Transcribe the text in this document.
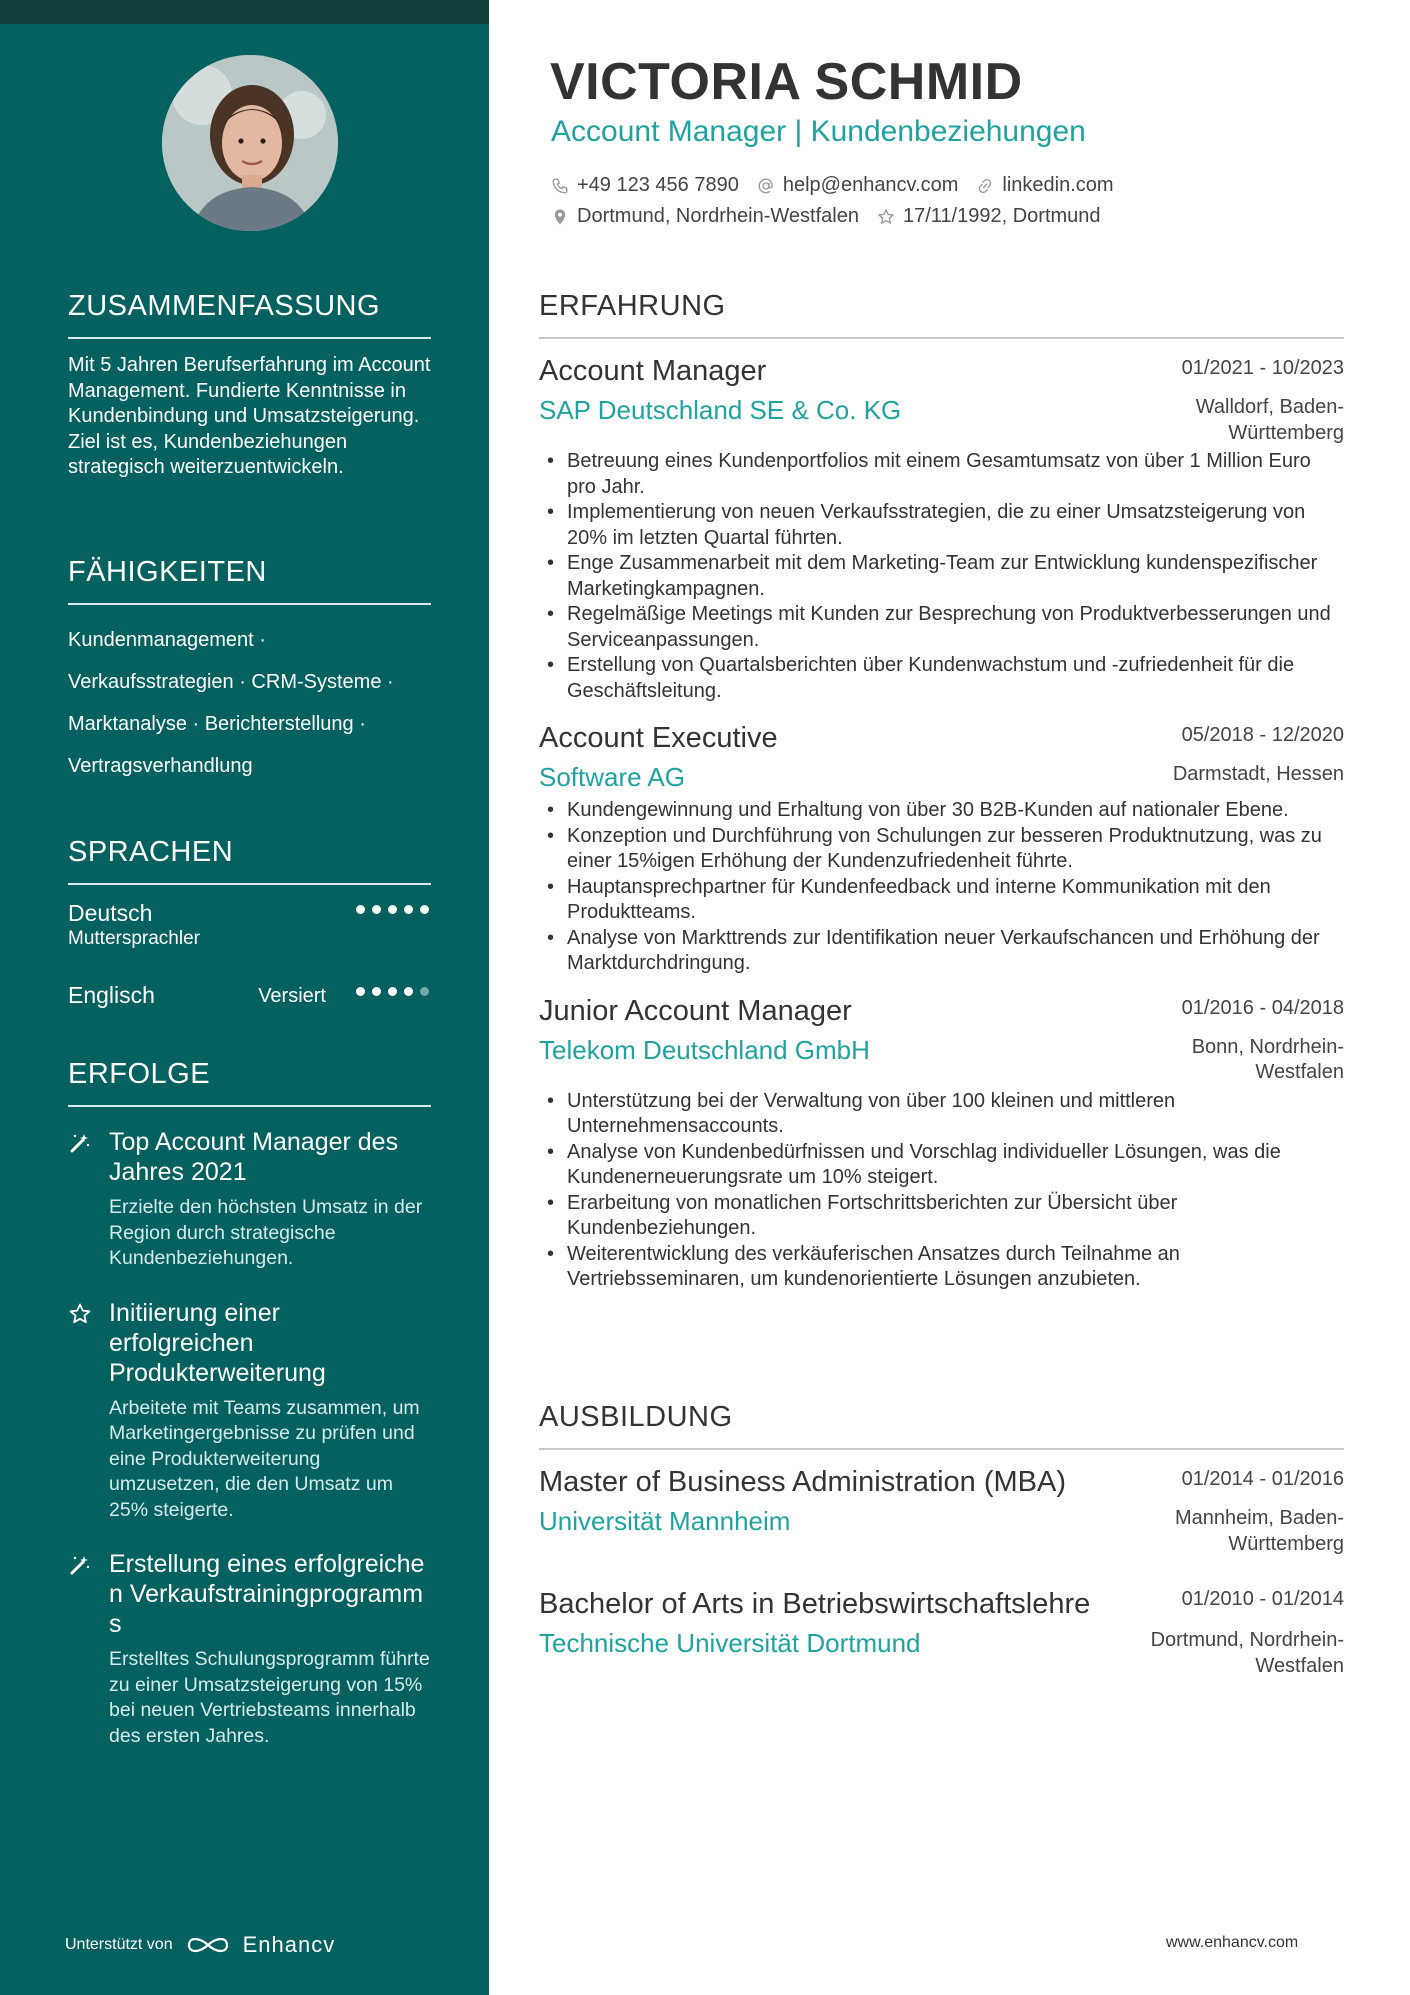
ZUSAMMENFASSUNG
Mit 5 Jahren Berufserfahrung im Account Management. Fundierte Kenntnisse in Kundenbindung und Umsatzsteigerung. Ziel ist es, Kundenbeziehungen strategisch weiterzuentwickeln.
FÄHIGKEITEN
Kundenmanagement ·
Verkaufsstrategien · CRM-Systeme ·
Marktanalyse · Berichterstellung ·
Vertragsverhandlung
SPRACHEN
Deutsch
Muttersprachler
Englisch	Versiert
ERFOLGE
Top Account Manager des Jahres 2021
Erzielte den höchsten Umsatz in der Region durch strategische Kundenbeziehungen.
Initiierung einer erfolgreichen Produkterweiterung
Arbeitete mit Teams zusammen, um Marketingergebnisse zu prüfen und eine Produkterweiterung umzusetzen, die den Umsatz um 25% steigerte.
Erstellung eines erfolgreichen Verkaufstrainingprogramms
Erstelltes Schulungsprogramm führte zu einer Umsatzsteigerung von 15% bei neuen Vertriebsteams innerhalb des ersten Jahres.
Unterstützt von	Enhancv
VICTORIA SCHMID
Account Manager | Kundenbeziehungen
+49 123 456 7890 help@enhancv.com linkedin.com
Dortmund, Nordrhein-Westfalen 17/11/1992, Dortmund
ERFAHRUNG
Account Manager	01/2021 - 10/2023
SAP Deutschland SE & Co. KG	Walldorf, Baden-Württemberg
• Betreuung eines Kundenportfolios mit einem Gesamtumsatz von über 1 Million Euro pro Jahr.
• Implementierung von neuen Verkaufsstrategien, die zu einer Umsatzsteigerung von 20% im letzten Quartal führten.
• Enge Zusammenarbeit mit dem Marketing-Team zur Entwicklung kundenspezifischer Marketingkampagnen.
• Regelmäßige Meetings mit Kunden zur Besprechung von Produktverbesserungen und Serviceanpassungen.
• Erstellung von Quartalsberichten über Kundenwachstum und -zufriedenheit für die Geschäftsleitung.
Account Executive	05/2018 - 12/2020
Software AG	Darmstadt, Hessen
• Kundengewinnung und Erhaltung von über 30 B2B-Kunden auf nationaler Ebene.
• Konzeption und Durchführung von Schulungen zur besseren Produktnutzung, was zu einer 15%igen Erhöhung der Kundenzufriedenheit führte.
• Hauptansprechpartner für Kundenfeedback und interne Kommunikation mit den Produktteams.
• Analyse von Markttrends zur Identifikation neuer Verkaufschancen und Erhöhung der Marktdurchdringung.
Junior Account Manager	01/2016 - 04/2018
Telekom Deutschland GmbH	Bonn, Nordrhein-Westfalen
• Unterstützung bei der Verwaltung von über 100 kleinen und mittleren Unternehmensaccounts.
• Analyse von Kundenbedürfnissen und Vorschlag individueller Lösungen, was die Kundenerneuerungsrate um 10% steigert.
• Erarbeitung von monatlichen Fortschrittsberichten zur Übersicht über Kundenbeziehungen.
• Weiterentwicklung des verkäuferischen Ansatzes durch Teilnahme an Vertriebsseminaren, um kundenorientierte Lösungen anzubieten.
AUSBILDUNG
Master of Business Administration (MBA)	01/2014 - 01/2016
Universität Mannheim	Mannheim, Baden-Württemberg
Bachelor of Arts in Betriebswirtschaftslehre	01/2010 - 01/2014
Technische Universität Dortmund	Dortmund, Nordrhein-Westfalen
www.enhancv.com
